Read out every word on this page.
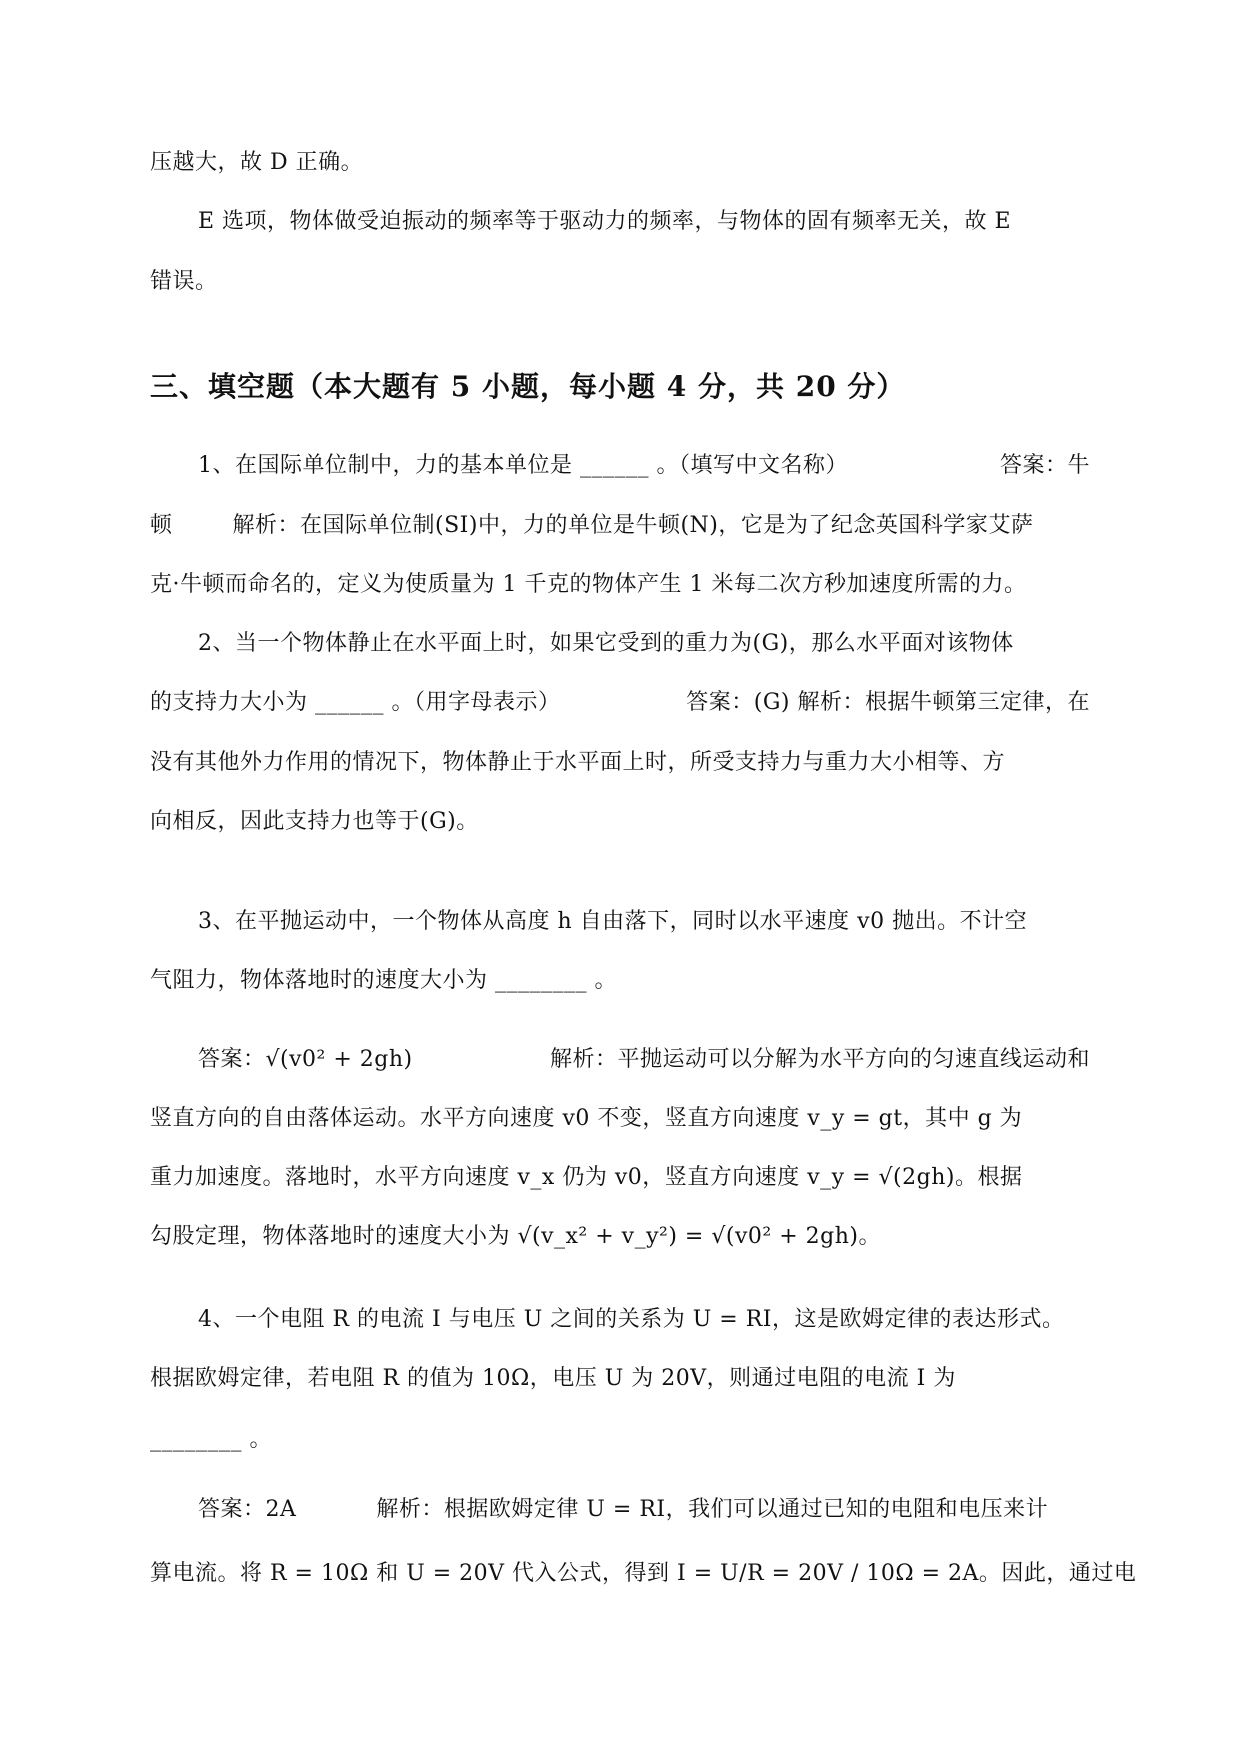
压越大，故 D 正确。
E 选项，物体做受迫振动的频率等于驱动力的频率，与物体的固有频率无关，故 E
错误。
三、填空题（本大题有 5 小题，每小题 4 分，共 20 分）
1、在国际单位制中，力的基本单位是 ______ 。（填写中文名称）	答案：牛
顿	解析：在国际单位制(SI)中，力的单位是牛顿(N)，它是为了纪念英国科学家艾萨
克·牛顿而命名的，定义为使质量为 1 千克的物体产生 1 米每二次方秒加速度所需的力。
2、当一个物体静止在水平面上时，如果它受到的重力为(G)，那么水平面对该物体
的支持力大小为 ______ 。（用字母表示）	答案：(G) 解析：根据牛顿第三定律，在
没有其他外力作用的情况下，物体静止于水平面上时，所受支持力与重力大小相等、方
向相反，因此支持力也等于(G)。
3、在平抛运动中，一个物体从高度 h 自由落下，同时以水平速度 v0 抛出。不计空
气阻力，物体落地时的速度大小为 ________ 。
答案：√(v0² + 2gh)	解析：平抛运动可以分解为水平方向的匀速直线运动和
竖直方向的自由落体运动。水平方向速度 v0 不变，竖直方向速度 v_y = gt，其中 g 为
重力加速度。落地时，水平方向速度 v_x 仍为 v0，竖直方向速度 v_y = √(2gh)。根据
勾股定理，物体落地时的速度大小为 √(v_x² + v_y²) = √(v0² + 2gh)。
4、一个电阻 R 的电流 I 与电压 U 之间的关系为 U = RI，这是欧姆定律的表达形式。
根据欧姆定律，若电阻 R 的值为 10Ω，电压 U 为 20V，则通过电阻的电流 I 为
________ 。
答案：2A	解析：根据欧姆定律 U = RI，我们可以通过已知的电阻和电压来计
算电流。将 R = 10Ω 和 U = 20V 代入公式，得到 I = U/R = 20V / 10Ω = 2A。因此，通过电
